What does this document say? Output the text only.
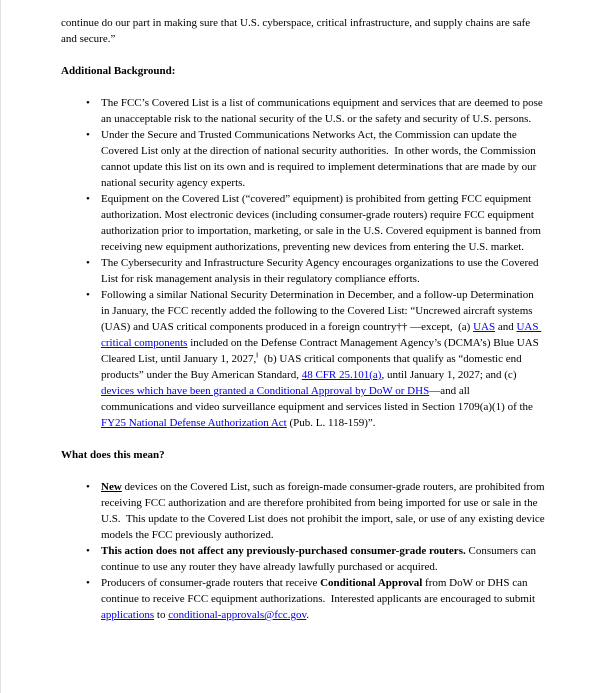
continue do our part in making sure that U.S. cyberspace, critical infrastructure, and supply chains are safe and secure.”

Additional Background:

• The FCC’s Covered List is a list of communications equipment and services that are deemed to pose an unacceptable risk to the national security of the U.S. or the safety and security of U.S. persons.
• Under the Secure and Trusted Communications Networks Act, the Commission can update the Covered List only at the direction of national security authorities.  In other words, the Commission cannot update this list on its own and is required to implement determinations that are made by our national security agency experts.
• Equipment on the Covered List (“covered” equipment) is prohibited from getting FCC equipment authorization. Most electronic devices (including consumer-grade routers) require FCC equipment authorization prior to importation, marketing, or sale in the U.S. Covered equipment is banned from receiving new equipment authorizations, preventing new devices from entering the U.S. market.
• The Cybersecurity and Infrastructure Security Agency encourages organizations to use the Covered List for risk management analysis in their regulatory compliance efforts.
• Following a similar National Security Determination in December, and a follow-up Determination in January, the FCC recently added the following to the Covered List: “Uncrewed aircraft systems (UAS) and UAS critical components produced in a foreign country†† —except,  (a) UAS and UAS critical components included on the Defense Contract Management Agency’s (DCMA’s) Blue UAS Cleared List, until January 1, 2027,‖  (b) UAS critical components that qualify as “domestic end products” under the Buy American Standard, 48 CFR 25.101(a), until January 1, 2027; and (c) devices which have been granted a Conditional Approval by DoW or DHS—and all communications and video surveillance equipment and services listed in Section 1709(a)(1) of the FY25 National Defense Authorization Act (Pub. L. 118-159)”.

What does this mean?

• New devices on the Covered List, such as foreign-made consumer-grade routers, are prohibited from receiving FCC authorization and are therefore prohibited from being imported for use or sale in the U.S.  This update to the Covered List does not prohibit the import, sale, or use of any existing device models the FCC previously authorized.
• This action does not affect any previously-purchased consumer-grade routers. Consumers can continue to use any router they have already lawfully purchased or acquired.
• Producers of consumer-grade routers that receive Conditional Approval from DoW or DHS can continue to receive FCC equipment authorizations.  Interested applicants are encouraged to submit applications to conditional-approvals@fcc.gov.
